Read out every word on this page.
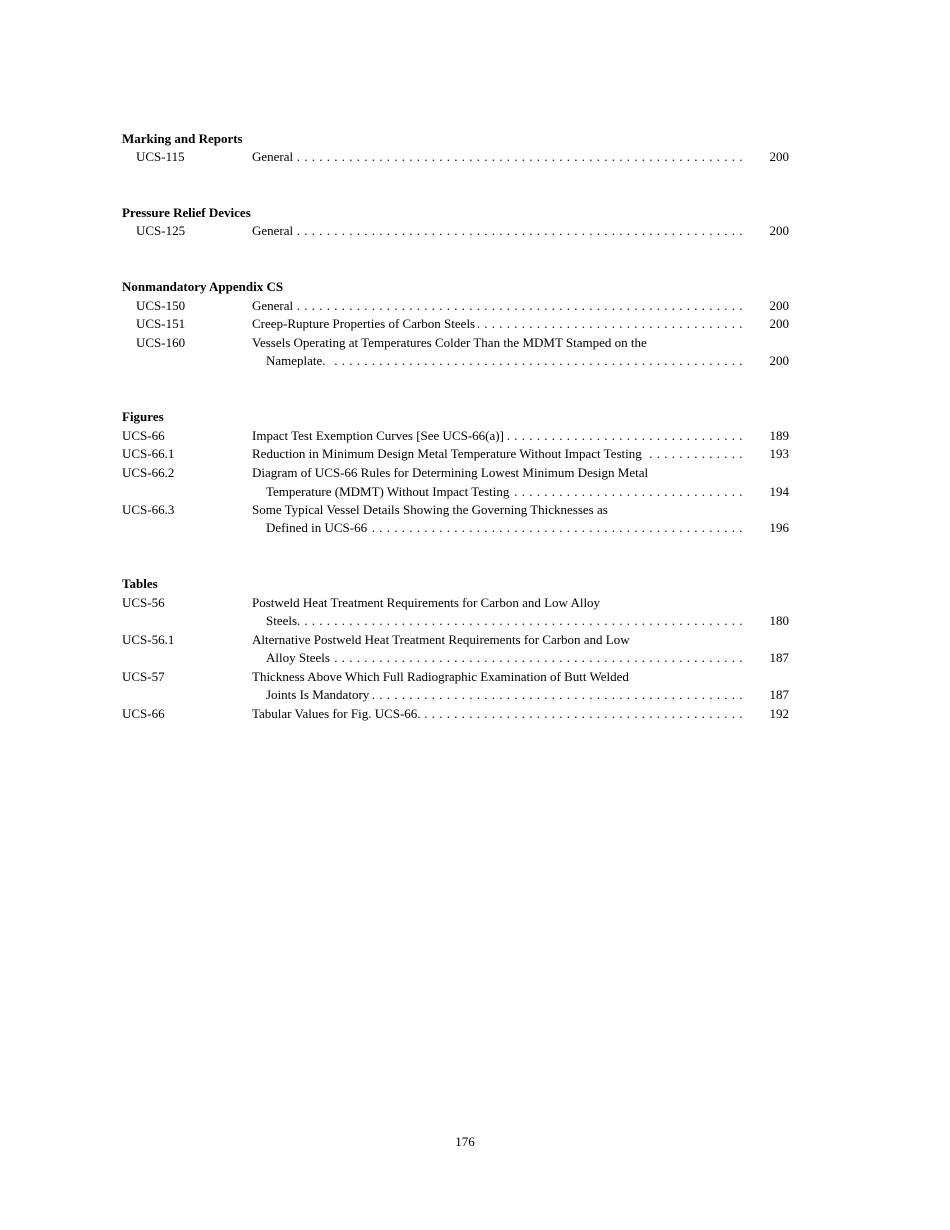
Marking and Reports
UCS-115	General . . .	200
Pressure Relief Devices
UCS-125	General . . .	200
Nonmandatory Appendix CS
UCS-150	General . . .	200
UCS-151	Creep-Rupture Properties of Carbon Steels . . .	200
UCS-160	Vessels Operating at Temperatures Colder Than the MDMT Stamped on the
Nameplate. . . .	200
Figures
UCS-66	Impact Test Exemption Curves [See UCS-66(a)] . . .	189
UCS-66.1	Reduction in Minimum Design Metal Temperature Without Impact Testing . . .	193
UCS-66.2	Diagram of UCS-66 Rules for Determining Lowest Minimum Design Metal
Temperature (MDMT) Without Impact Testing . . .	194
UCS-66.3	Some Typical Vessel Details Showing the Governing Thicknesses as
Defined in UCS-66 . . .	196
Tables
UCS-56	Postweld Heat Treatment Requirements for Carbon and Low Alloy
Steels. . . .	180
UCS-56.1	Alternative Postweld Heat Treatment Requirements for Carbon and Low
Alloy Steels . . .	187
UCS-57	Thickness Above Which Full Radiographic Examination of Butt Welded
Joints Is Mandatory . . .	187
UCS-66	Tabular Values for Fig. UCS-66. . . .	192
176
